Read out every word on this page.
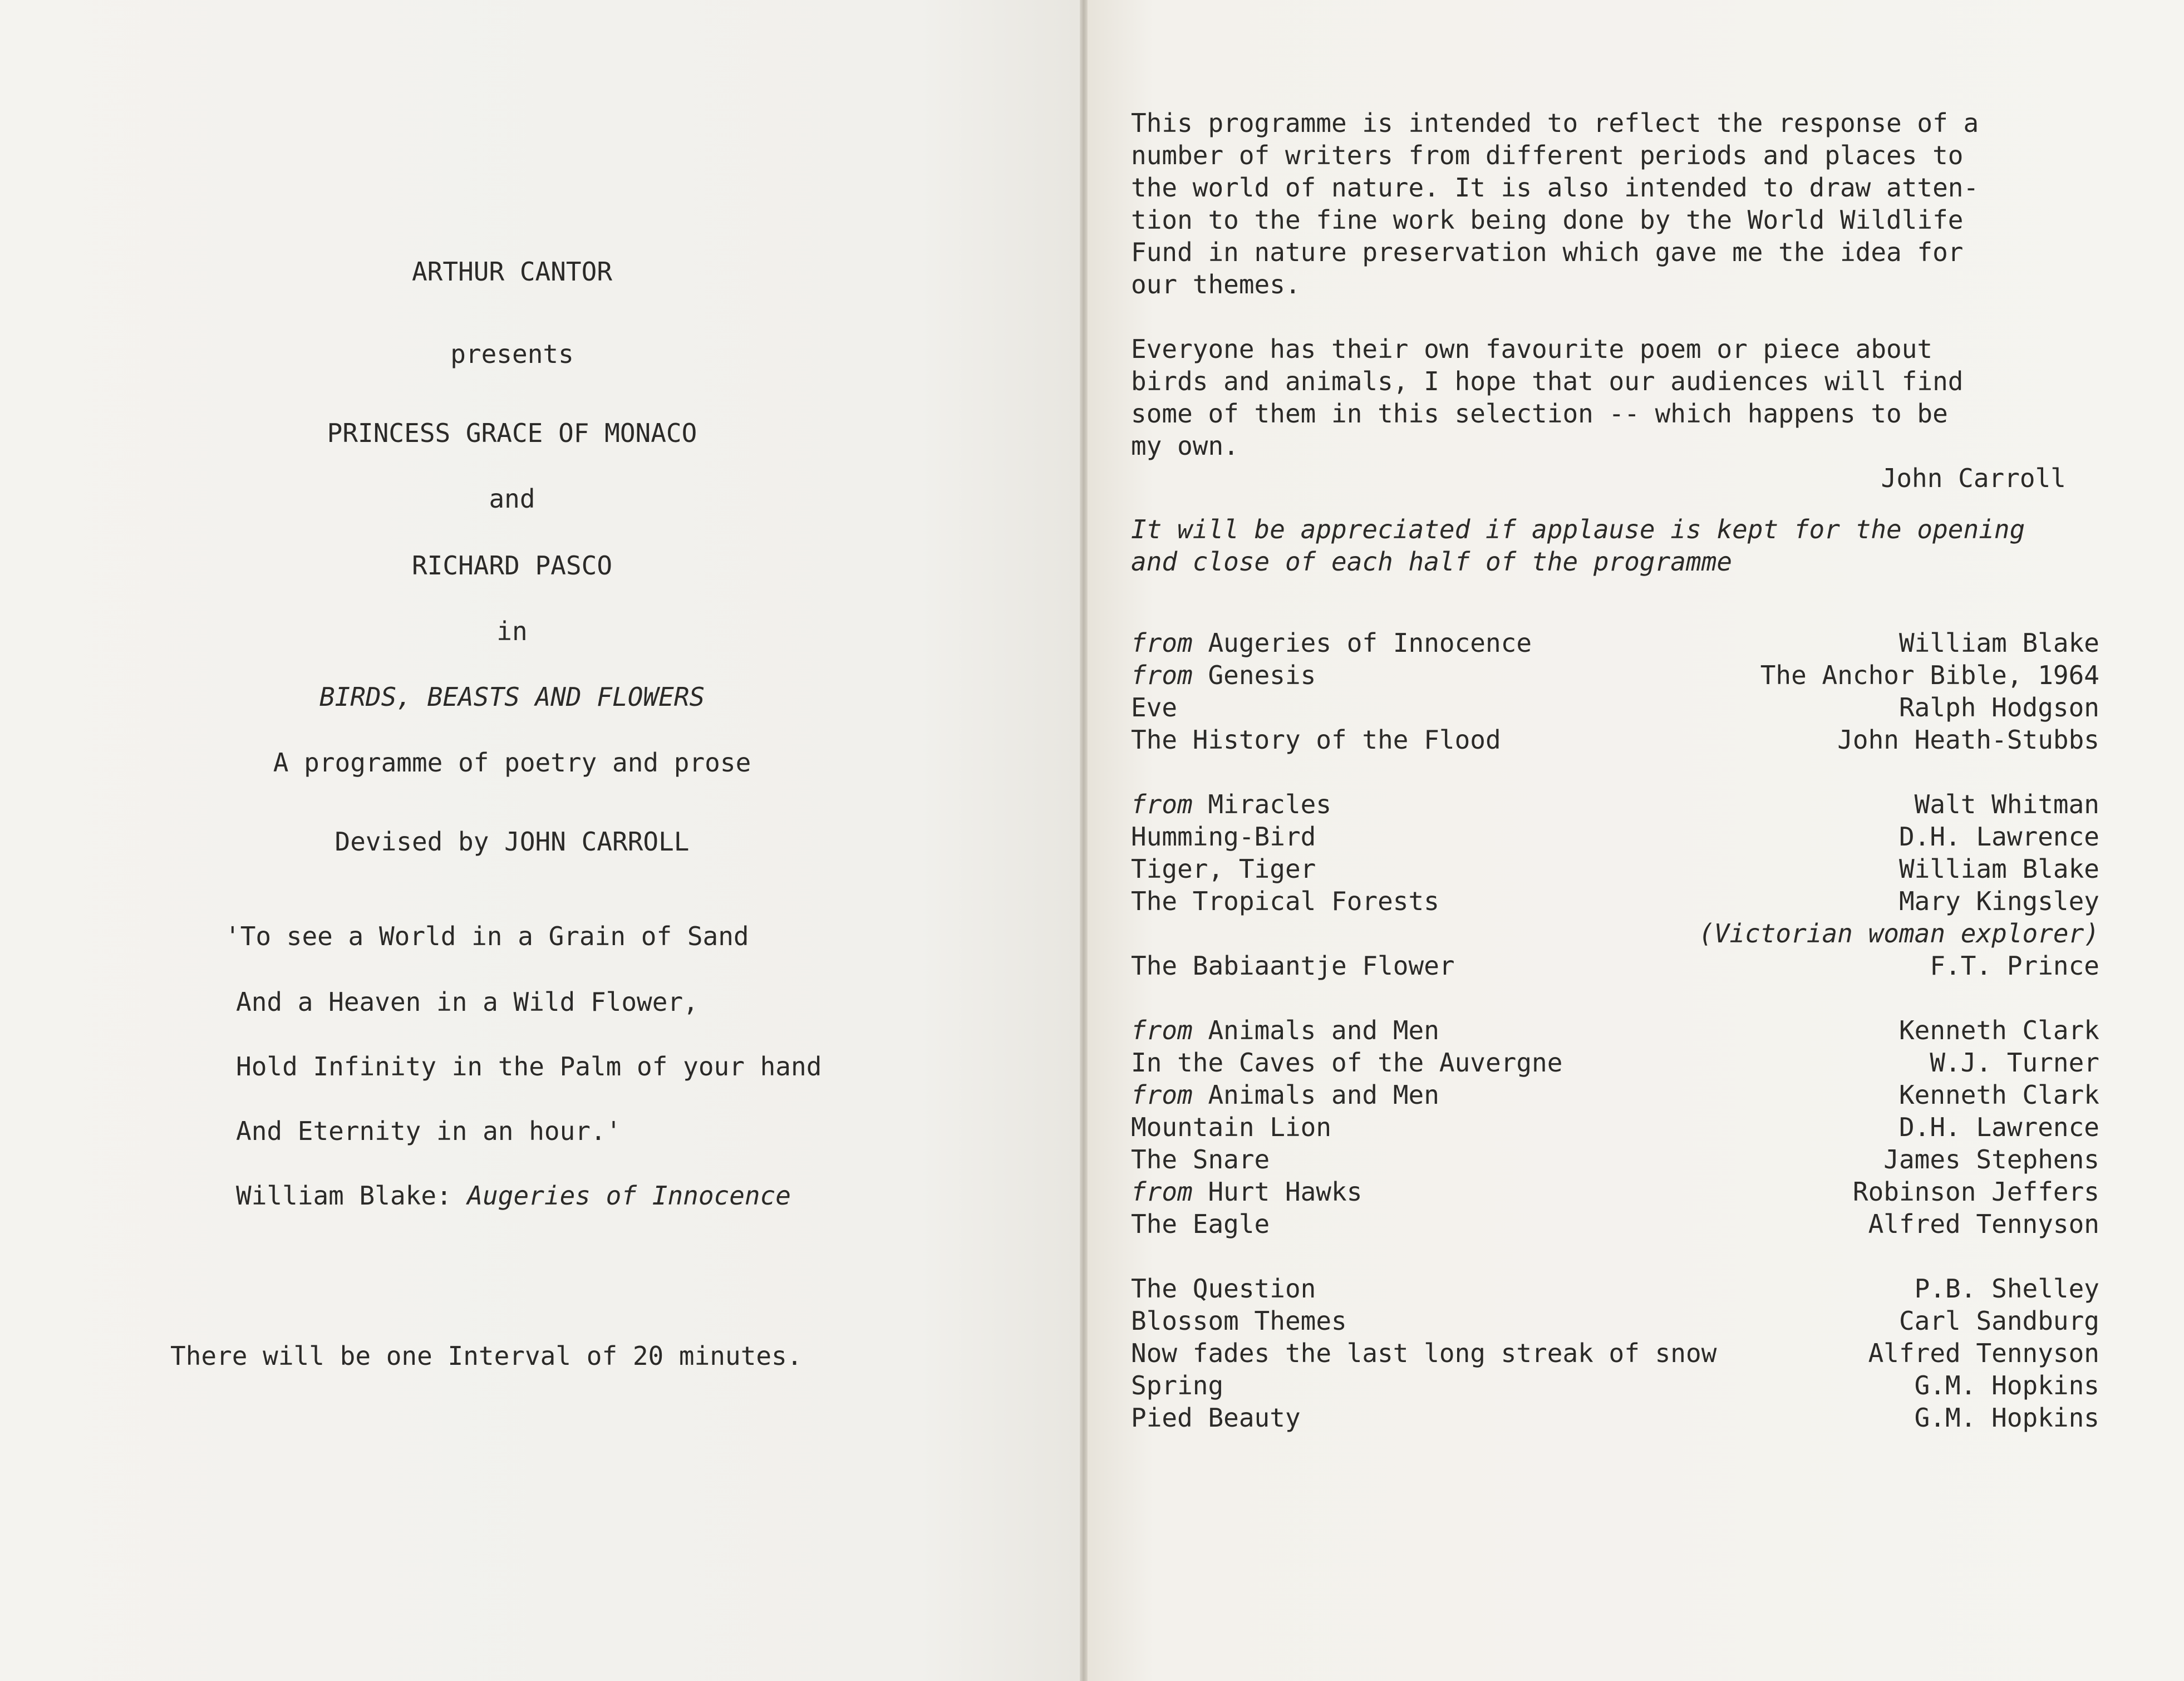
ARTHUR CANTOR
presents
PRINCESS GRACE OF MONACO
and
RICHARD PASCO
in
BIRDS, BEASTS AND FLOWERS
A programme of poetry and prose
Devised by JOHN CARROLL
'To see a World in a Grain of Sand
And a Heaven in a Wild Flower,
Hold Infinity in the Palm of your hand
And Eternity in an hour.'
William Blake: Augeries of Innocence
There will be one Interval of 20 minutes.

This programme is intended to reflect the response of a

number of writers from different periods and places to

the world of nature. It is also intended to draw atten-

tion to the fine work being done by the World Wildlife

Fund in nature preservation which gave me the idea for

our themes.

Everyone has their own favourite poem or piece about

birds and animals, I hope that our audiences will find

some of them in this selection -- which happens to be

my own.

John Carroll

It will be appreciated if applause is kept for the opening

and close of each half of the programme

from Augeries of Innocence	William Blake
from Genesis	The Anchor Bible, 1964
Eve	Ralph Hodgson
The History of the Flood	John Heath-Stubbs
from Miracles	Walt Whitman
Humming-Bird	D.H. Lawrence
Tiger, Tiger	William Blake
The Tropical Forests	Mary Kingsley
(Victorian woman explorer)
The Babiaantje Flower	F.T. Prince
from Animals and Men	Kenneth Clark
In the Caves of the Auvergne	W.J. Turner
from Animals and Men	Kenneth Clark
Mountain Lion	D.H. Lawrence
The Snare	James Stephens
from Hurt Hawks	Robinson Jeffers
The Eagle	Alfred Tennyson
The Question	P.B. Shelley
Blossom Themes	Carl Sandburg
Now fades the last long streak of snow	Alfred Tennyson
Spring	G.M. Hopkins
Pied Beauty	G.M. Hopkins
